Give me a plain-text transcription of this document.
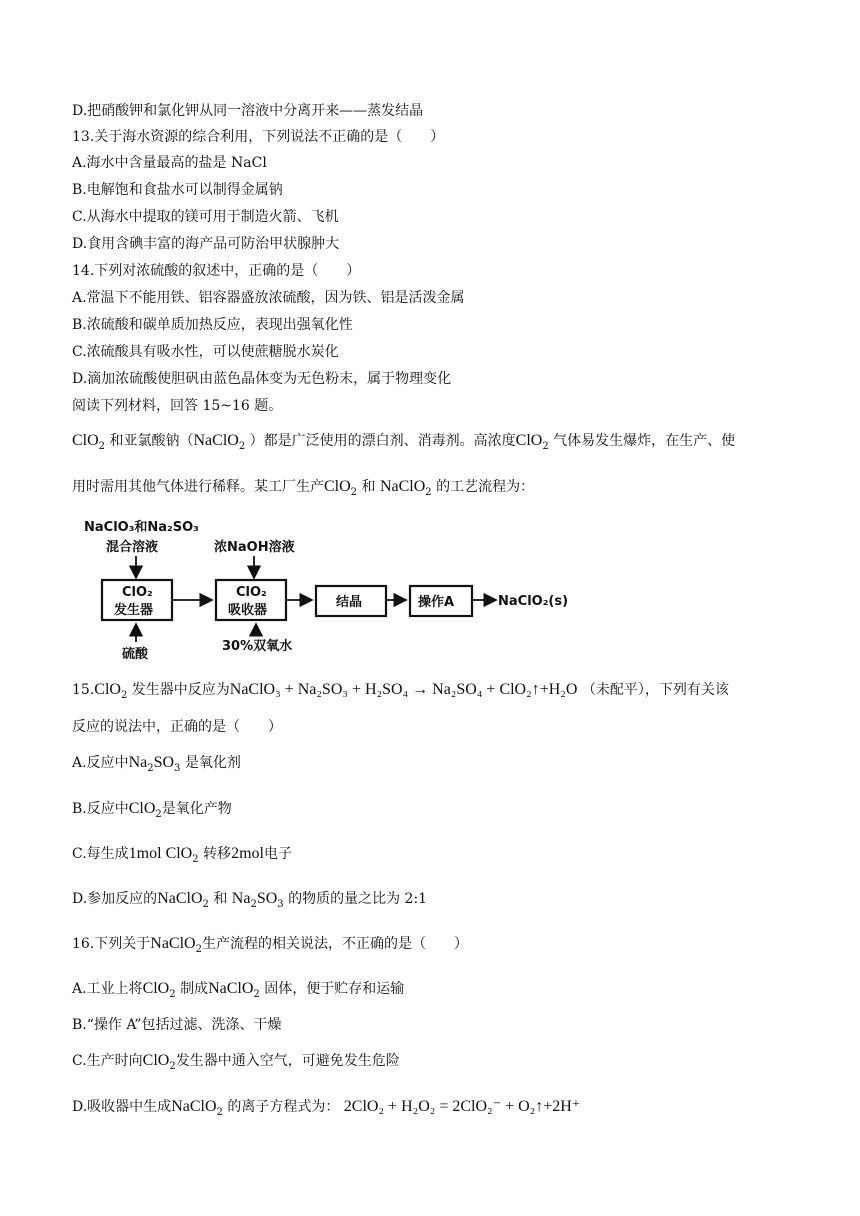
D.把硝酸钾和氯化钾从同一溶液中分离开来——蒸发结晶
13.关于海水资源的综合利用，下列说法不正确的是（　　）
A.海水中含量最高的盐是 NaCl
B.电解饱和食盐水可以制得金属钠
C.从海水中提取的镁可用于制造火箭、飞机
D.食用含碘丰富的海产品可防治甲状腺肿大
14.下列对浓硫酸的叙述中，正确的是（　　）
A.常温下不能用铁、铝容器盛放浓硫酸，因为铁、铝是活泼金属
B.浓硫酸和碳单质加热反应，表现出强氧化性
C.浓硫酸具有吸水性，可以使蔗糖脱水炭化
D.滴加浓硫酸使胆矾由蓝色晶体变为无色粉末，属于物理变化
阅读下列材料，回答 15~16 题。
ClO$_2$ 和亚氯酸钠（NaClO$_2$ ）都是广泛使用的漂白剂、消毒剂。高浓度ClO$_2$ 气体易发生爆炸，在生产、使
用时需用其他气体进行稀释。某工厂生产ClO$_2$ 和 NaClO$_2$ 的工艺流程为：
NaClO₃和Na₂SO₃
混合溶液	浓NaOH溶液
ClO₂
发生器
ClO₂
吸收器
结晶	操作A	NaClO₂(s)
硫酸
30%双氧水
15.ClO$_2$ 发生器中反应为NaClO₃ + Na₂SO₃ + H₂SO₄ → Na₂SO₄ + ClO₂↑+H₂O （未配平），下列有关该
反应的说法中，正确的是（　　）
A.反应中$Na_2SO_3$ 是氧化剂
B.反应中ClO$_2$是氧化产物
C.每生成1mol ClO$_2$ 转移2mol电子
D.参加反应的NaClO$_2$ 和 $Na_2SO_3$ 的物质的量之比为 2:1
16.下列关于NaClO$_2$生产流程的相关说法，不正确的是（　　）
A.工业上将ClO$_2$ 制成NaClO$_2$ 固体，便于贮存和运输
B.“操作 A”包括过滤、洗涤、干燥
C.生产时向ClO$_2$发生器中通入空气，可避免发生危险
D.吸收器中生成NaClO$_2$ 的离子方程式为： 2ClO₂ + H₂O₂ = 2ClO₂⁻ + O₂↑+2H⁺
